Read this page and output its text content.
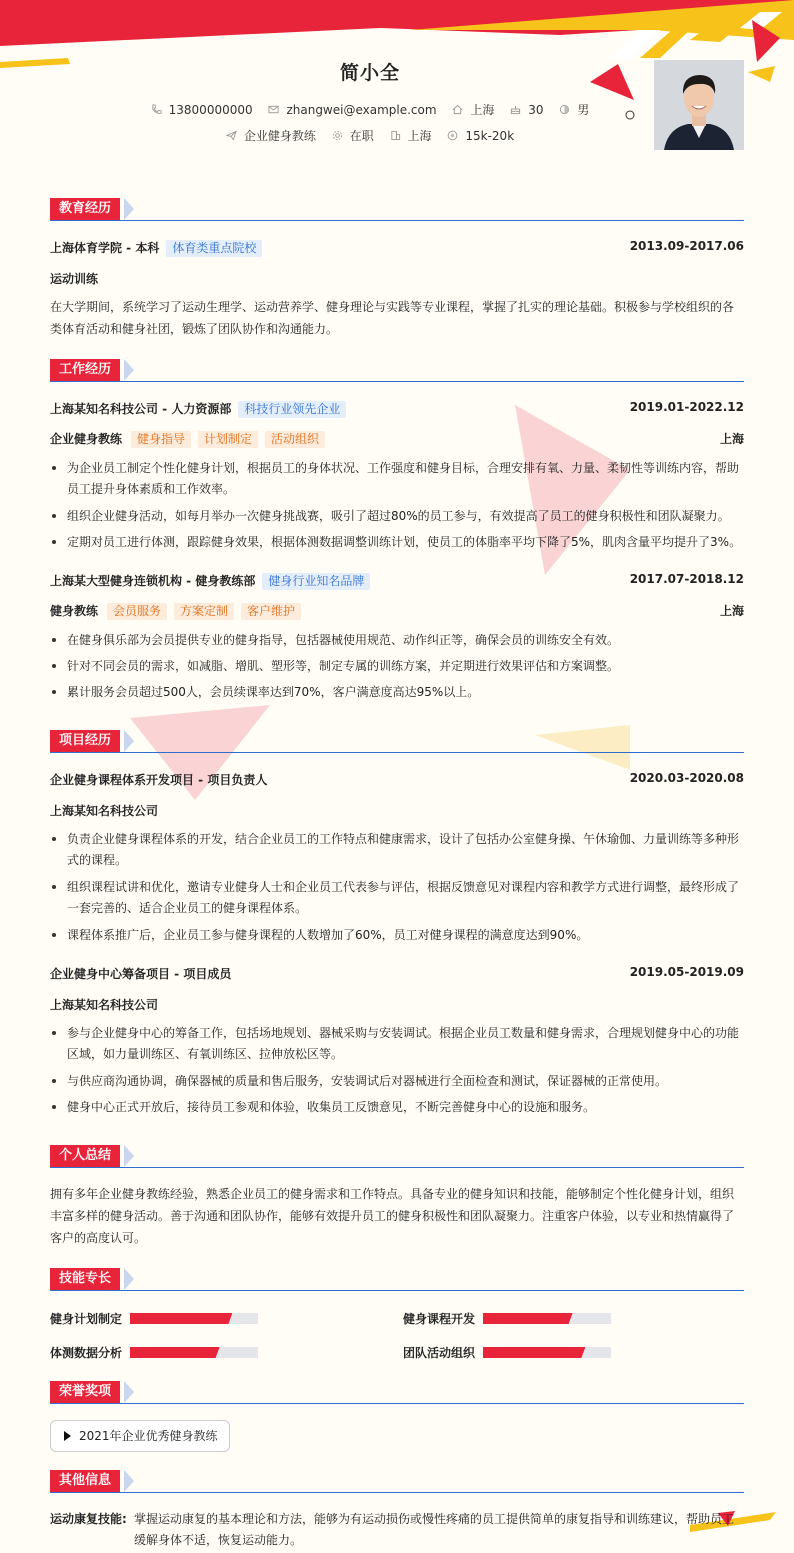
简小全
13800000000
	zhangwei@example.com
	上海
	30
	男
企业健身教练
	在职
	上海
	15k-20k
教育经历
上海体育学院 - 本科 体育类重点院校	2013.09-2017.06
运动训练
在大学期间，系统学习了运动生理学、运动营养学、健身理论与实践等专业课程，掌握了扎实的理论基础。积极参与学校组织的各类体育活动和健身社团，锻炼了团队协作和沟通能力。
工作经历
上海某知名科技公司 - 人力资源部 科技行业领先企业	2019.01-2022.12
企业健身教练 健身指导 计划制定 活动组织	上海
为企业员工制定个性化健身计划，根据员工的身体状况、工作强度和健身目标，合理安排有氧、力量、柔韧性等训练内容，帮助员工提升身体素质和工作效率。
组织企业健身活动，如每月举办一次健身挑战赛，吸引了超过80%的员工参与，有效提高了员工的健身积极性和团队凝聚力。
定期对员工进行体测，跟踪健身效果，根据体测数据调整训练计划，使员工的体脂率平均下降了5%，肌肉含量平均提升了3%。
上海某大型健身连锁机构 - 健身教练部 健身行业知名品牌	2017.07-2018.12
健身教练 会员服务 方案定制 客户维护	上海
在健身俱乐部为会员提供专业的健身指导，包括器械使用规范、动作纠正等，确保会员的训练安全有效。
针对不同会员的需求，如减脂、增肌、塑形等，制定专属的训练方案，并定期进行效果评估和方案调整。
累计服务会员超过500人，会员续课率达到70%，客户满意度高达95%以上。
项目经历
企业健身课程体系开发项目 - 项目负责人	2020.03-2020.08
上海某知名科技公司
负责企业健身课程体系的开发，结合企业员工的工作特点和健康需求，设计了包括办公室健身操、午休瑜伽、力量训练等多种形式的课程。
组织课程试讲和优化，邀请专业健身人士和企业员工代表参与评估，根据反馈意见对课程内容和教学方式进行调整，最终形成了一套完善的、适合企业员工的健身课程体系。
课程体系推广后，企业员工参与健身课程的人数增加了60%，员工对健身课程的满意度达到90%。
企业健身中心筹备项目 - 项目成员	2019.05-2019.09
上海某知名科技公司
参与企业健身中心的筹备工作，包括场地规划、器械采购与安装调试。根据企业员工数量和健身需求，合理规划健身中心的功能区域，如力量训练区、有氧训练区、拉伸放松区等。
与供应商沟通协调，确保器械的质量和售后服务，安装调试后对器械进行全面检查和测试，保证器械的正常使用。
健身中心正式开放后，接待员工参观和体验，收集员工反馈意见，不断完善健身中心的设施和服务。
个人总结
拥有多年企业健身教练经验，熟悉企业员工的健身需求和工作特点。具备专业的健身知识和技能，能够制定个性化健身计划，组织丰富多样的健身活动。善于沟通和团队协作，能够有效提升员工的健身积极性和团队凝聚力。注重客户体验，以专业和热情赢得了客户的高度认可。
技能专长
健身计划制定	健身课程开发
体测数据分析	团队活动组织
荣誉奖项
2021年企业优秀健身教练
其他信息
运动康复技能: 掌握运动康复的基本理论和方法，能够为有运动损伤或慢性疼痛的员工提供简单的康复指导和训练建议，帮助员工
缓解身体不适，恢复运动能力。
